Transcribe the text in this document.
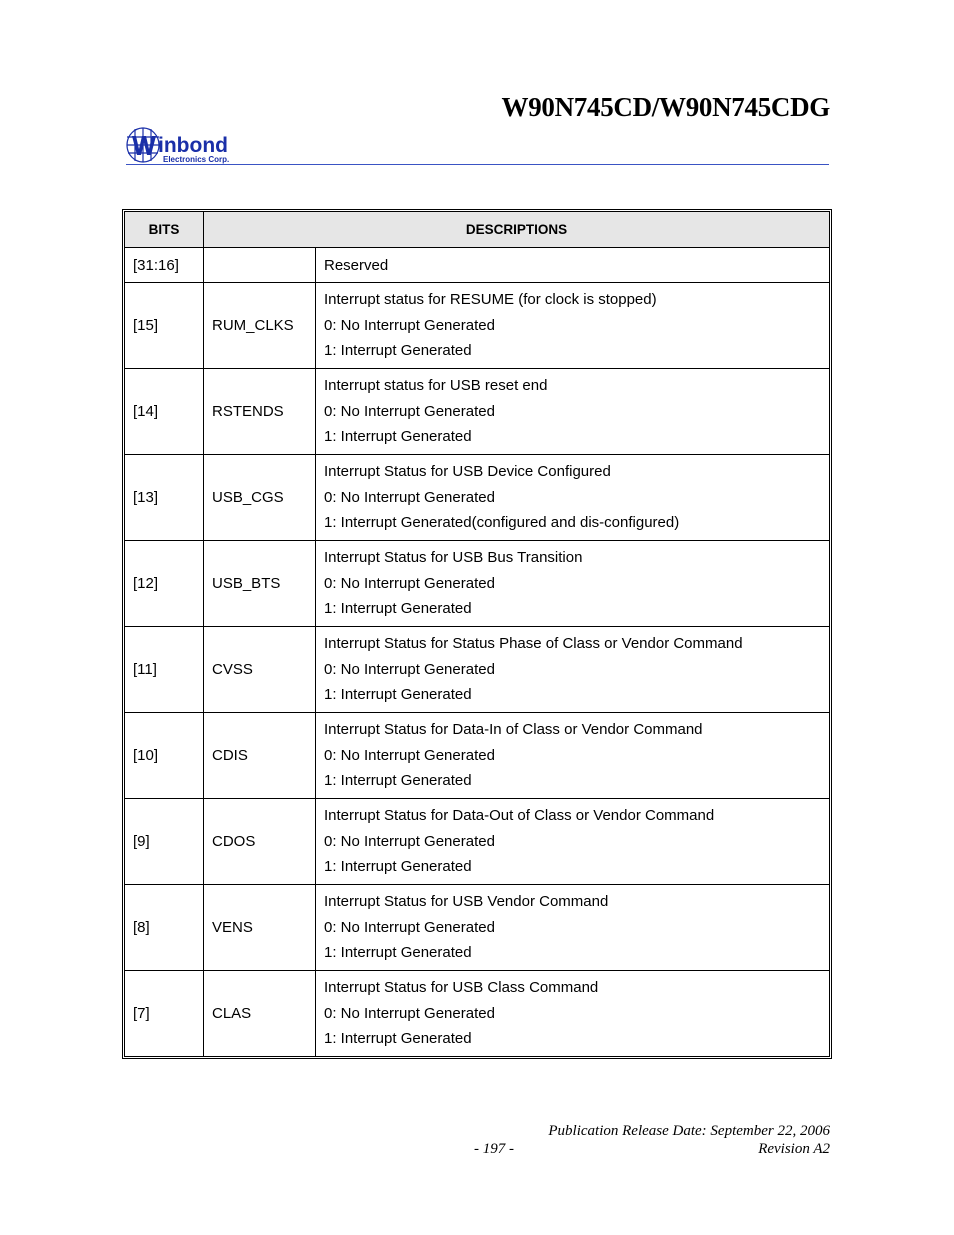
W90N745CD/W90N745CDG
inbond
Electronics Corp.
BITS	DESCRIPTIONS	
[31:16]		Reserved
[15]	RUM_CLKS	Interrupt status for RESUME (for clock is stopped)
0: No Interrupt Generated
1: Interrupt Generated

[14]	RSTENDS	Interrupt status for USB reset end
0: No Interrupt Generated
1: Interrupt Generated

[13]	USB_CGS	Interrupt Status for USB Device Configured
0: No Interrupt Generated
1: Interrupt Generated(configured and dis-configured)

[12]	USB_BTS	Interrupt Status for USB Bus Transition
0: No Interrupt Generated
1: Interrupt Generated

[11]	CVSS	Interrupt Status for Status Phase of Class or Vendor Command
0: No Interrupt Generated
1: Interrupt Generated

[10]	CDIS	Interrupt Status for Data-In of Class or Vendor Command
0: No Interrupt Generated
1: Interrupt Generated

[9]	CDOS	Interrupt Status for Data-Out of Class or Vendor Command
0: No Interrupt Generated
1: Interrupt Generated

[8]	VENS	Interrupt Status for USB Vendor Command
0: No Interrupt Generated
1: Interrupt Generated

[7]	CLAS	Interrupt Status for USB Class Command
0: No Interrupt Generated
1: Interrupt Generated
Publication Release Date: September 22, 2006
- 197 -	Revision A2
